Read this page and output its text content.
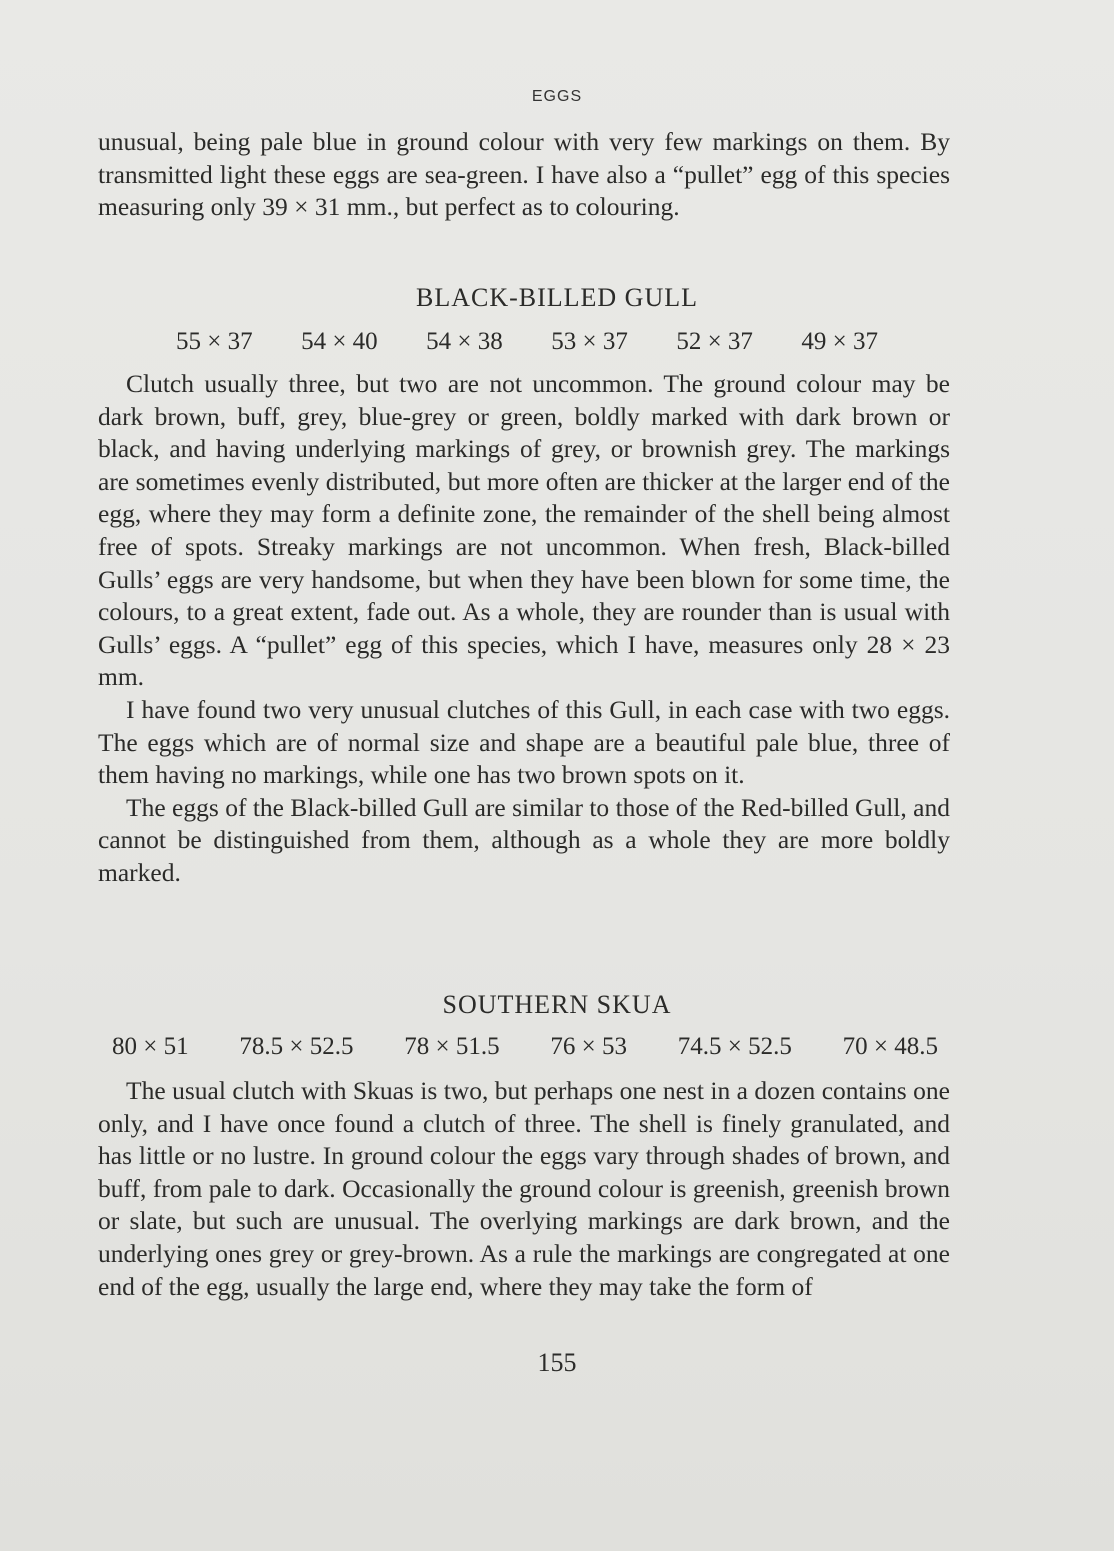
EGGS

unusual, being pale blue in ground colour with very few markings on them. By transmitted light these eggs are sea-green. I have also a “pullet” egg of this species measuring only 39 × 31 mm., but perfect as to colouring.

BLACK-BILLED GULL
55 × 37 54 × 40 54 × 38 53 × 37 52 × 37 49 × 37

Clutch usually three, but two are not uncommon. The ground colour may be dark brown, buff, grey, blue-grey or green, boldly marked with dark brown or black, and having underlying markings of grey, or brownish grey. The markings are sometimes evenly distributed, but more often are thicker at the larger end of the egg, where they may form a definite zone, the remainder of the shell being almost free of spots. Streaky markings are not uncommon. When fresh, Black-billed Gulls’ eggs are very handsome, but when they have been blown for some time, the colours, to a great extent, fade out. As a whole, they are rounder than is usual with Gulls’ eggs. A “pullet” egg of this species, which I have, measures only 28 × 23 mm.

I have found two very unusual clutches of this Gull, in each case with two eggs. The eggs which are of normal size and shape are a beautiful pale blue, three of them having no markings, while one has two brown spots on it.

The eggs of the Black-billed Gull are similar to those of the Red-billed Gull, and cannot be distinguished from them, although as a whole they are more boldly marked.

SOUTHERN SKUA
80 × 51 78.5 × 52.5 78 × 51.5 76 × 53 74.5 × 52.5 70 × 48.5

The usual clutch with Skuas is two, but perhaps one nest in a dozen contains one only, and I have once found a clutch of three. The shell is finely granulated, and has little or no lustre. In ground colour the eggs vary through shades of brown, and buff, from pale to dark. Occasionally the ground colour is greenish, greenish brown or slate, but such are unusual. The overlying markings are dark brown, and the underlying ones grey or grey-brown. As a rule the markings are congregated at one end of the egg, usually the large end, where they may take the form of

155
